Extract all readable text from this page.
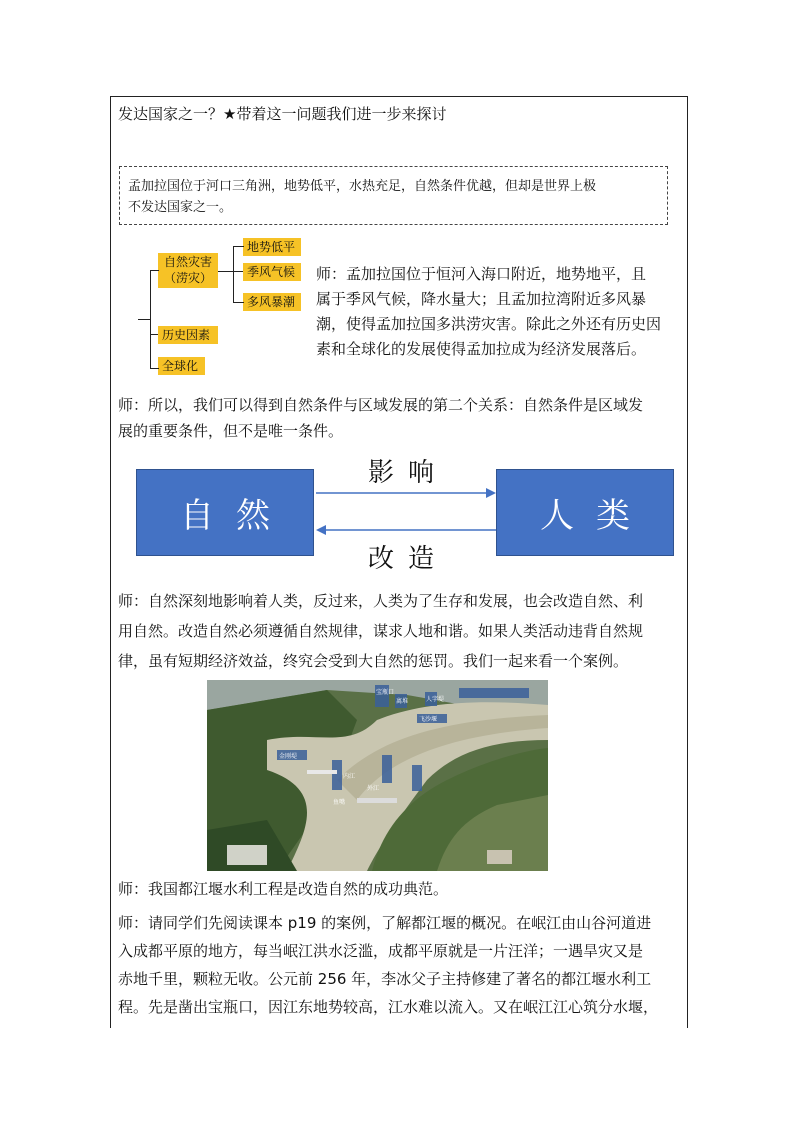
发达国家之一？★带着这一问题我们进一步来探讨
孟加拉国位于河口三角洲，地势低平，水热充足，自然条件优越，但却是世界上极
不发达国家之一。
自然灾害
（涝灾）
地势低平
季风气候
多风暴潮
历史因素
全球化
师：孟加拉国位于恒河入海口附近，地势地平，且
属于季风气候，降水量大；且孟加拉湾附近多风暴
潮，使得孟加拉国多洪涝灾害。除此之外还有历史因
素和全球化的发展使得孟加拉成为经济发展落后。
师：所以，我们可以得到自然条件与区域发展的第二个关系：自然条件是区域发
展的重要条件，但不是唯一条件。
自然	人类
影响
改造
师：自然深刻地影响着人类，反过来，人类为了生存和发展，也会改造自然、利
用自然。改造自然必须遵循自然规律，谋求人地和谐。如果人类活动违背自然规
律，虽有短期经济效益，终究会受到大自然的惩罚。我们一起来看一个案例。
宝瓶口
离堆
飞沙堰
人字堤
内江
外江
鱼嘴
金刚堤
师：我国都江堰水利工程是改造自然的成功典范。
师：请同学们先阅读课本 p19 的案例，了解都江堰的概况。在岷江由山谷河道进
入成都平原的地方，每当岷江洪水泛滥，成都平原就是一片汪洋；一遇旱灾又是
赤地千里，颗粒无收。公元前 256 年，李冰父子主持修建了著名的都江堰水利工
程。先是凿出宝瓶口，因江东地势较高，江水难以流入。又在岷江江心筑分水堰，
